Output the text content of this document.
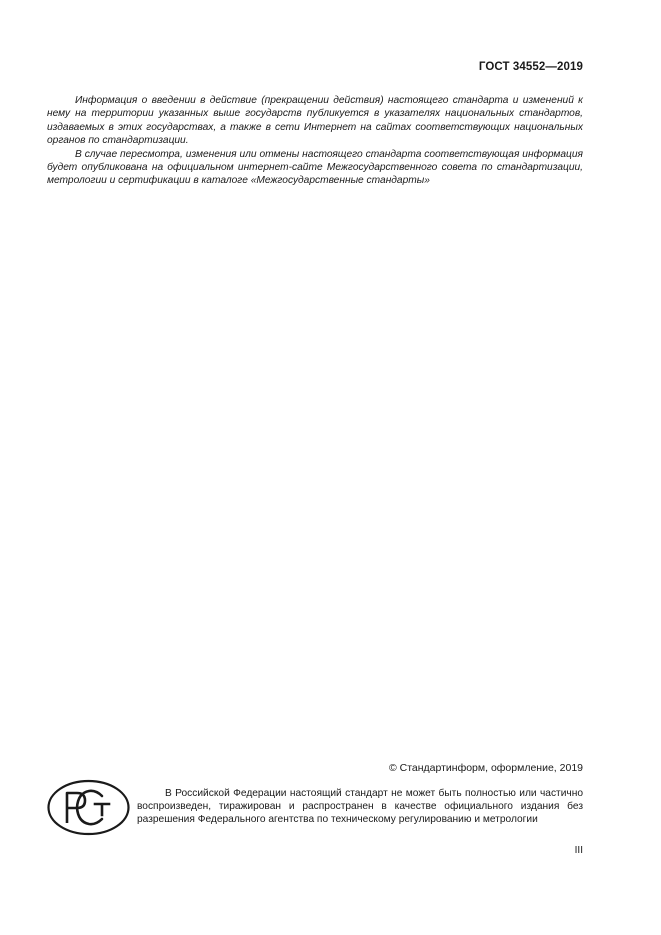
ГОСТ 34552—2019

Информация о введении в действие (прекращении действия) настоящего стандарта и изменений к нему на территории указанных выше государств публикуется в указателях национальных стандартов, издаваемых в этих государствах, а также в сети Интернет на сайтах соответствующих национальных органов по стандартизации.

В случае пересмотра, изменения или отмены настоящего стандарта соответствующая информация будет опубликована на официальном интернет-сайте Межгосударственного совета по стандартизации, метрологии и сертификации в каталоге «Межгосударственные стандарты»

© Стандартинформ, оформление, 2019
В Российской Федерации настоящий стандарт не может быть полностью или частично воспроизведен, тиражирован и распространен в качестве официального издания без разрешения Федерального агентства по техническому регулированию и метрологии
III
